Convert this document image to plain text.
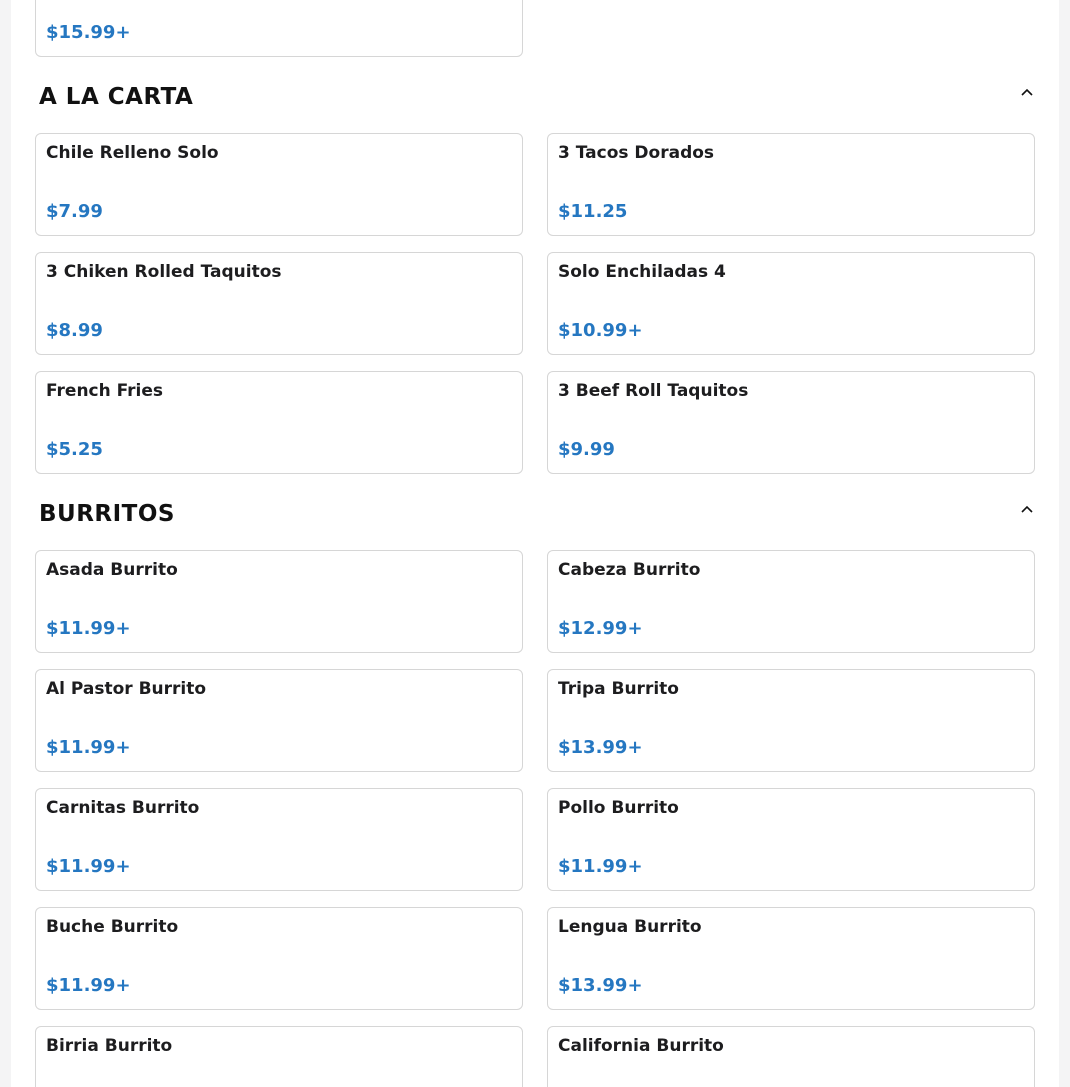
$15.99+
A LA CARTA
Chile Relleno Solo
$7.99
3 Tacos Dorados
$11.25
3 Chiken Rolled Taquitos
$8.99
Solo Enchiladas 4
$10.99+
French Fries
$5.25
3 Beef Roll Taquitos
$9.99
BURRITOS
Asada Burrito
$11.99+
Cabeza Burrito
$12.99+
Al Pastor Burrito
$11.99+
Tripa Burrito
$13.99+
Carnitas Burrito
$11.99+
Pollo Burrito
$11.99+
Buche Burrito
$11.99+
Lengua Burrito
$13.99+
Birria Burrito	California Burrito
